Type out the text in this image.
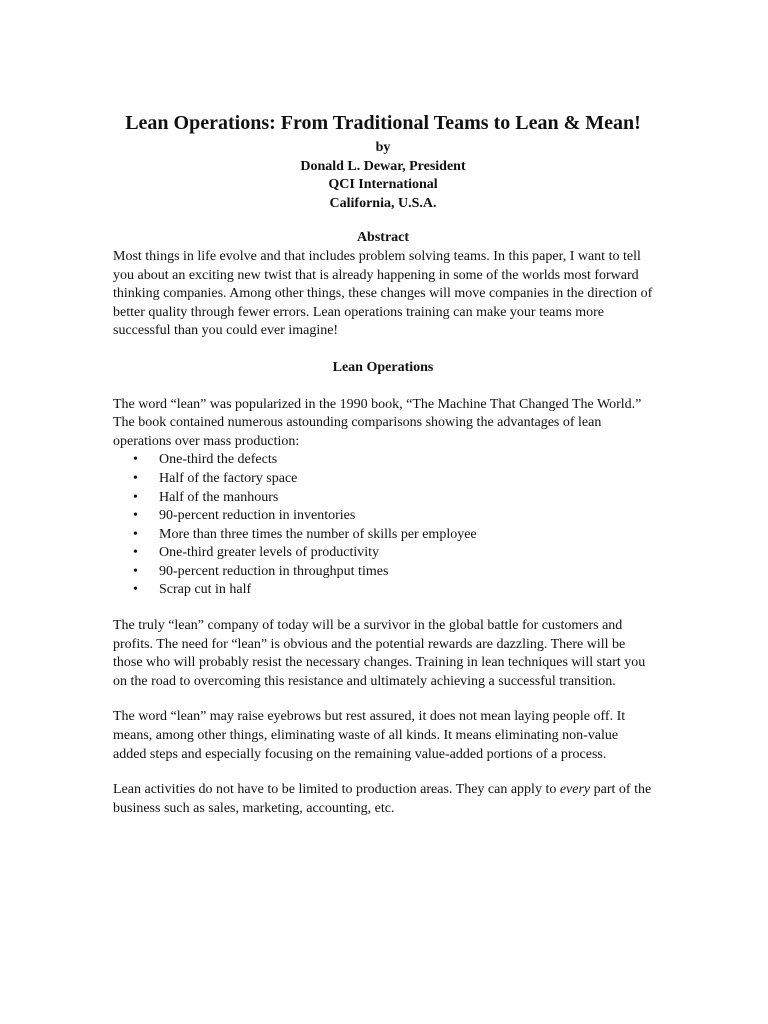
Lean Operations: From Traditional Teams to Lean & Mean!

by

Donald L. Dewar, President

QCI International

California, U.S.A.

Abstract

Most things in life evolve and that includes problem solving teams. In this paper, I want to tell you about an exciting new twist that is already happening in some of the worlds most forward thinking companies. Among other things, these changes will move companies in the direction of better quality through fewer errors. Lean operations training can make your teams more successful than you could ever imagine!

Lean Operations

The word “lean” was popularized in the 1990 book, “The Machine That Changed The World.” The book contained numerous astounding comparisons showing the advantages of lean operations over mass production:

• One-third the defects
• Half of the factory space
• Half of the manhours
• 90-percent reduction in inventories
• More than three times the number of skills per employee
• One-third greater levels of productivity
• 90-percent reduction in throughput times
• Scrap cut in half

The truly “lean” company of today will be a survivor in the global battle for customers and profits. The need for “lean” is obvious and the potential rewards are dazzling. There will be those who will probably resist the necessary changes. Training in lean techniques will start you on the road to overcoming this resistance and ultimately achieving a successful transition.

The word “lean” may raise eyebrows but rest assured, it does not mean laying people off. It means, among other things, eliminating waste of all kinds. It means eliminating non-value added steps and especially focusing on the remaining value-added portions of a process.

Lean activities do not have to be limited to production areas. They can apply to every part of the business such as sales, marketing, accounting, etc.
